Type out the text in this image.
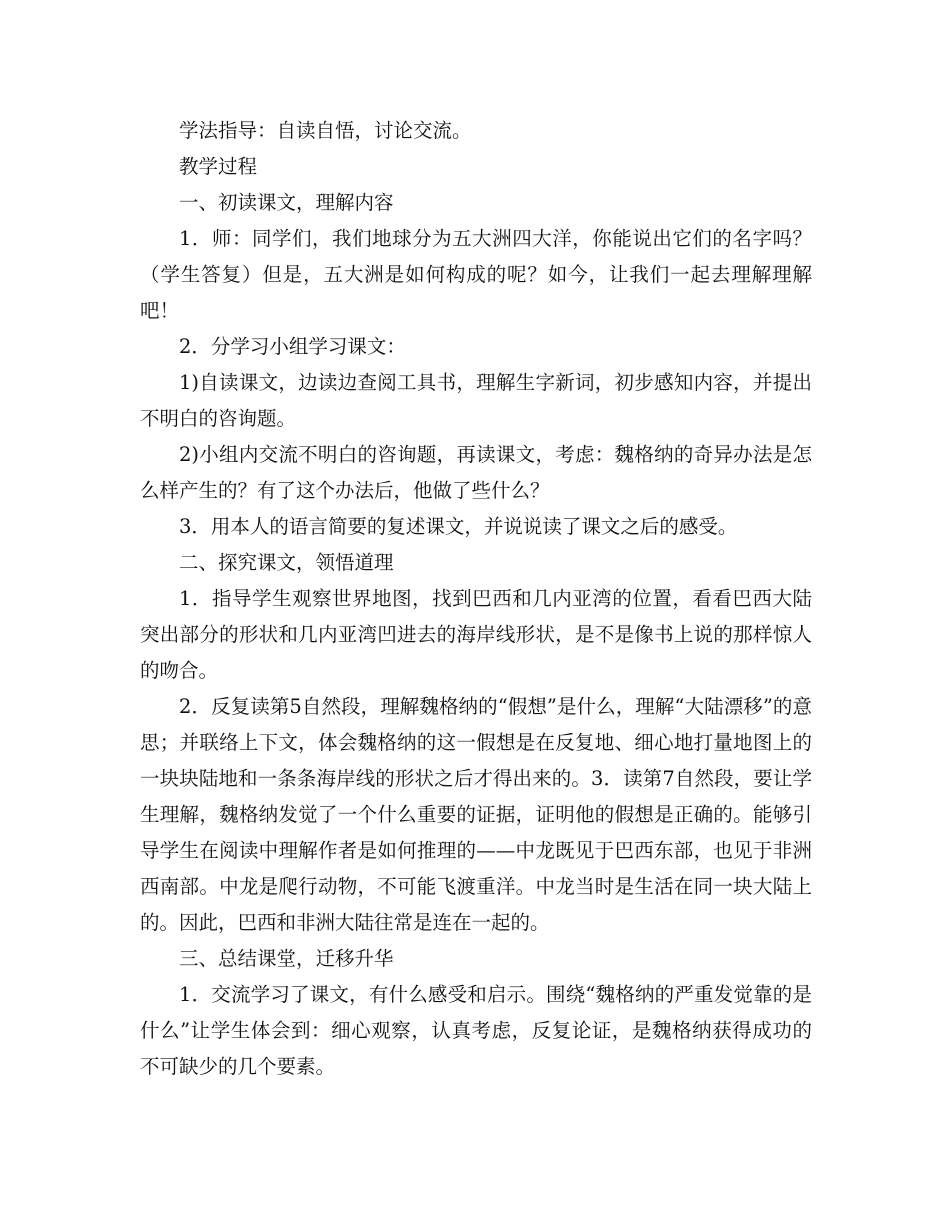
学法指导：自读自悟，讨论交流。

教学过程

一、初读课文，理解内容

1．师：同学们，我们地球分为五大洲四大洋，你能说出它们的名字吗？（学生答复）但是，五大洲是如何构成的呢？如今，让我们一起去理解理解吧！

2．分学习小组学习课文：

1)自读课文，边读边查阅工具书，理解生字新词，初步感知内容，并提出不明白的咨询题。

2)小组内交流不明白的咨询题，再读课文，考虑：魏格纳的奇异办法是怎么样产生的？有了这个办法后，他做了些什么？

3．用本人的语言简要的复述课文，并说说读了课文之后的感受。

二、探究课文，领悟道理

1．指导学生观察世界地图，找到巴西和几内亚湾的位置，看看巴西大陆突出部分的形状和几内亚湾凹进去的海岸线形状，是不是像书上说的那样惊人的吻合。

2．反复读第5自然段，理解魏格纳的“假想”是什么，理解“大陆漂移”的意思；并联络上下文，体会魏格纳的这一假想是在反复地、细心地打量地图上的一块块陆地和一条条海岸线的形状之后才得出来的。3．读第7自然段，要让学生理解，魏格纳发觉了一个什么重要的证据，证明他的假想是正确的。能够引导学生在阅读中理解作者是如何推理的——中龙既见于巴西东部，也见于非洲西南部。中龙是爬行动物，不可能飞渡重洋。中龙当时是生活在同一块大陆上的。因此，巴西和非洲大陆往常是连在一起的。

三、总结课堂，迁移升华

1．交流学习了课文，有什么感受和启示。围绕“魏格纳的严重发觉靠的是什么”让学生体会到：细心观察，认真考虑，反复论证，是魏格纳获得成功的不可缺少的几个要素。
